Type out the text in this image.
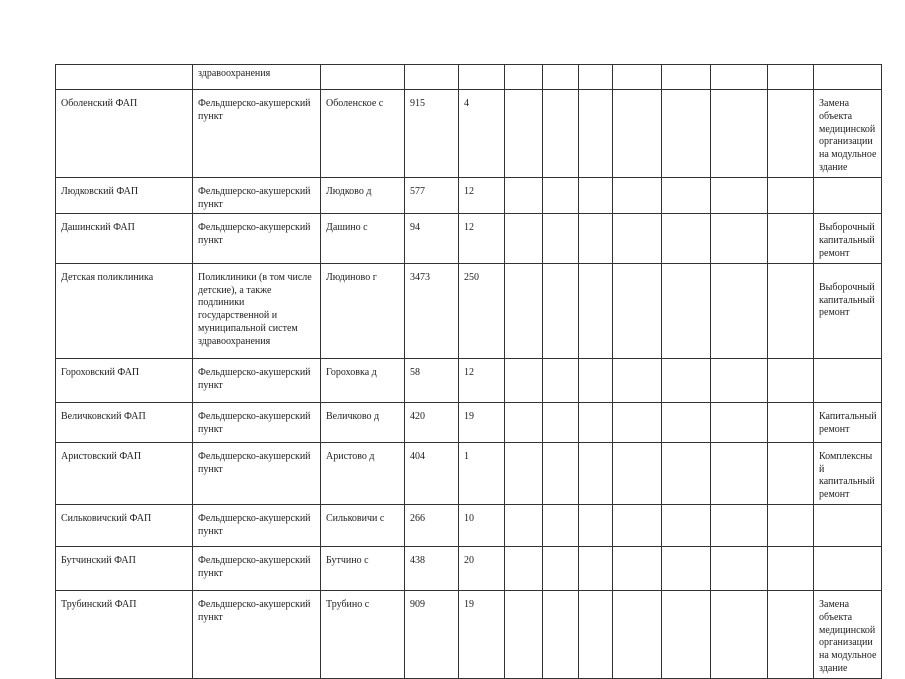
	здравоохранения											
Оболенский ФАП	Фельдшерско-акушерский пункт	Оболенское с	915	4								Замена объекта медицинской организации на модульное здание
Людковский ФАП	Фельдшерско-акушерский пункт	Людково д	577	12								
Дашинский ФАП	Фельдшерско-акушерский пункт	Дашино с	94	12								Выборочный капитальный ремонт
Детская поликлиника	Поликлиники (в том числе детские), а также подлиники государственной и муниципальной систем здравоохранения	Людиново г	3473	250								Выборочный капитальный ремонт
Гороховский ФАП	Фельдшерско-акушерский пункт	Гороховка д	58	12								
Величковский ФАП	Фельдшерско-акушерский пункт	Величково д	420	19								Капитальный ремонт
Аристовский ФАП	Фельдшерско-акушерский пункт	Аристово д	404	1								Комплексный капитальный ремонт
Сильковичский ФАП	Фельдшерско-акушерский пункт	Сильковичи с	266	10								
Бутчинский ФАП	Фельдшерско-акушерский пункт	Бутчино с	438	20								
Трубинский ФАП	Фельдшерско-акушерский пункт	Трубино с	909	19								Замена объекта медицинской организации на модульное здание
